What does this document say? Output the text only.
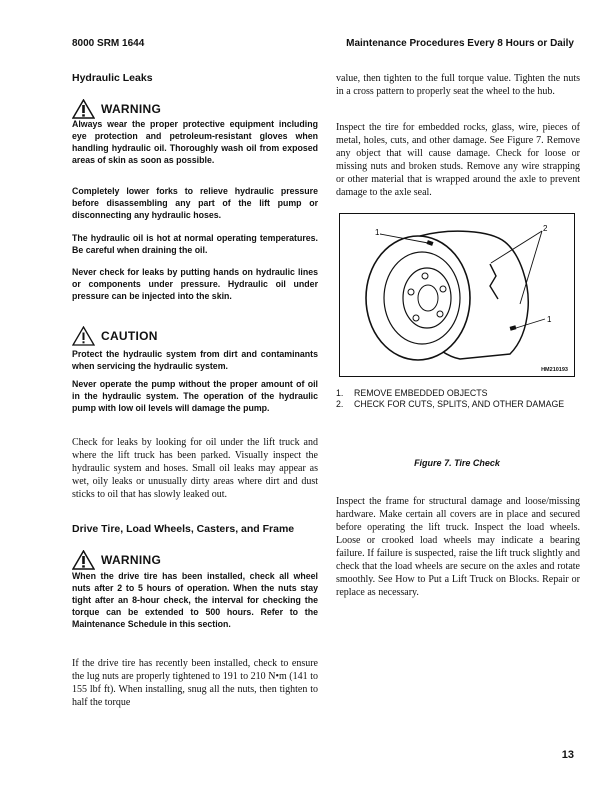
8000 SRM 1644	Maintenance Procedures Every 8 Hours or Daily
Hydraulic Leaks
WARNING

Always wear the proper protective equipment including eye protection and petroleum-resistant gloves when handling hydraulic oil. Thoroughly wash oil from exposed areas of skin as soon as possible.

Completely lower forks to relieve hydraulic pressure before disassembling any part of the lift pump or disconnecting any hydraulic hoses.

The hydraulic oil is hot at normal operating temperatures. Be careful when draining the oil.

Never check for leaks by putting hands on hydraulic lines or components under pressure. Hydraulic oil under pressure can be injected into the skin.

CAUTION

Protect the hydraulic system from dirt and contaminants when servicing the hydraulic system.

Never operate the pump without the proper amount of oil in the hydraulic system. The operation of the hydraulic pump with low oil levels will damage the pump.

Check for leaks by looking for oil under the lift truck and where the lift truck has been parked. Visually inspect the hydraulic system and hoses. Small oil leaks may appear as wet, oily leaks or unusually dirty areas where dirt and dust sticks to oil that has slowly leaked out.

Drive Tire, Load Wheels, Casters, and Frame
WARNING

When the drive tire has been installed, check all wheel nuts after 2 to 5 hours of operation. When the nuts stay tight after an 8-hour check, the interval for checking the torque can be extended to 500 hours. Refer to the Maintenance Schedule in this section.

If the drive tire has recently been installed, check to ensure the lug nuts are properly tightened to 191 to 210 N•m (141 to 155 lbf ft). When installing, snug all the nuts, then tighten to half the torque

value, then tighten to the full torque value. Tighten the nuts in a cross pattern to properly seat the wheel to the hub.

Inspect the tire for embedded rocks, glass, wire, pieces of metal, holes, cuts, and other damage. See Figure 7. Remove any object that will cause damage. Check for loose or missing nuts and broken studs. Remove any wire strapping or other material that is wrapped around the axle to prevent damage to the axle seal.

1	2
1
HM210193
1.	REMOVE EMBEDDED OBJECTS
2.	CHECK FOR CUTS, SPLITS, AND OTHER DAMAGE
Figure 7. Tire Check

Inspect the frame for structural damage and loose/missing hardware. Make certain all covers are in place and secured before operating the lift truck. Inspect the load wheels. Loose or crooked load wheels may indicate a bearing failure. If failure is suspected, raise the lift truck slightly and check that the load wheels are secure on the axles and rotate smoothly. See How to Put a Lift Truck on Blocks. Repair or replace as necessary.

13
